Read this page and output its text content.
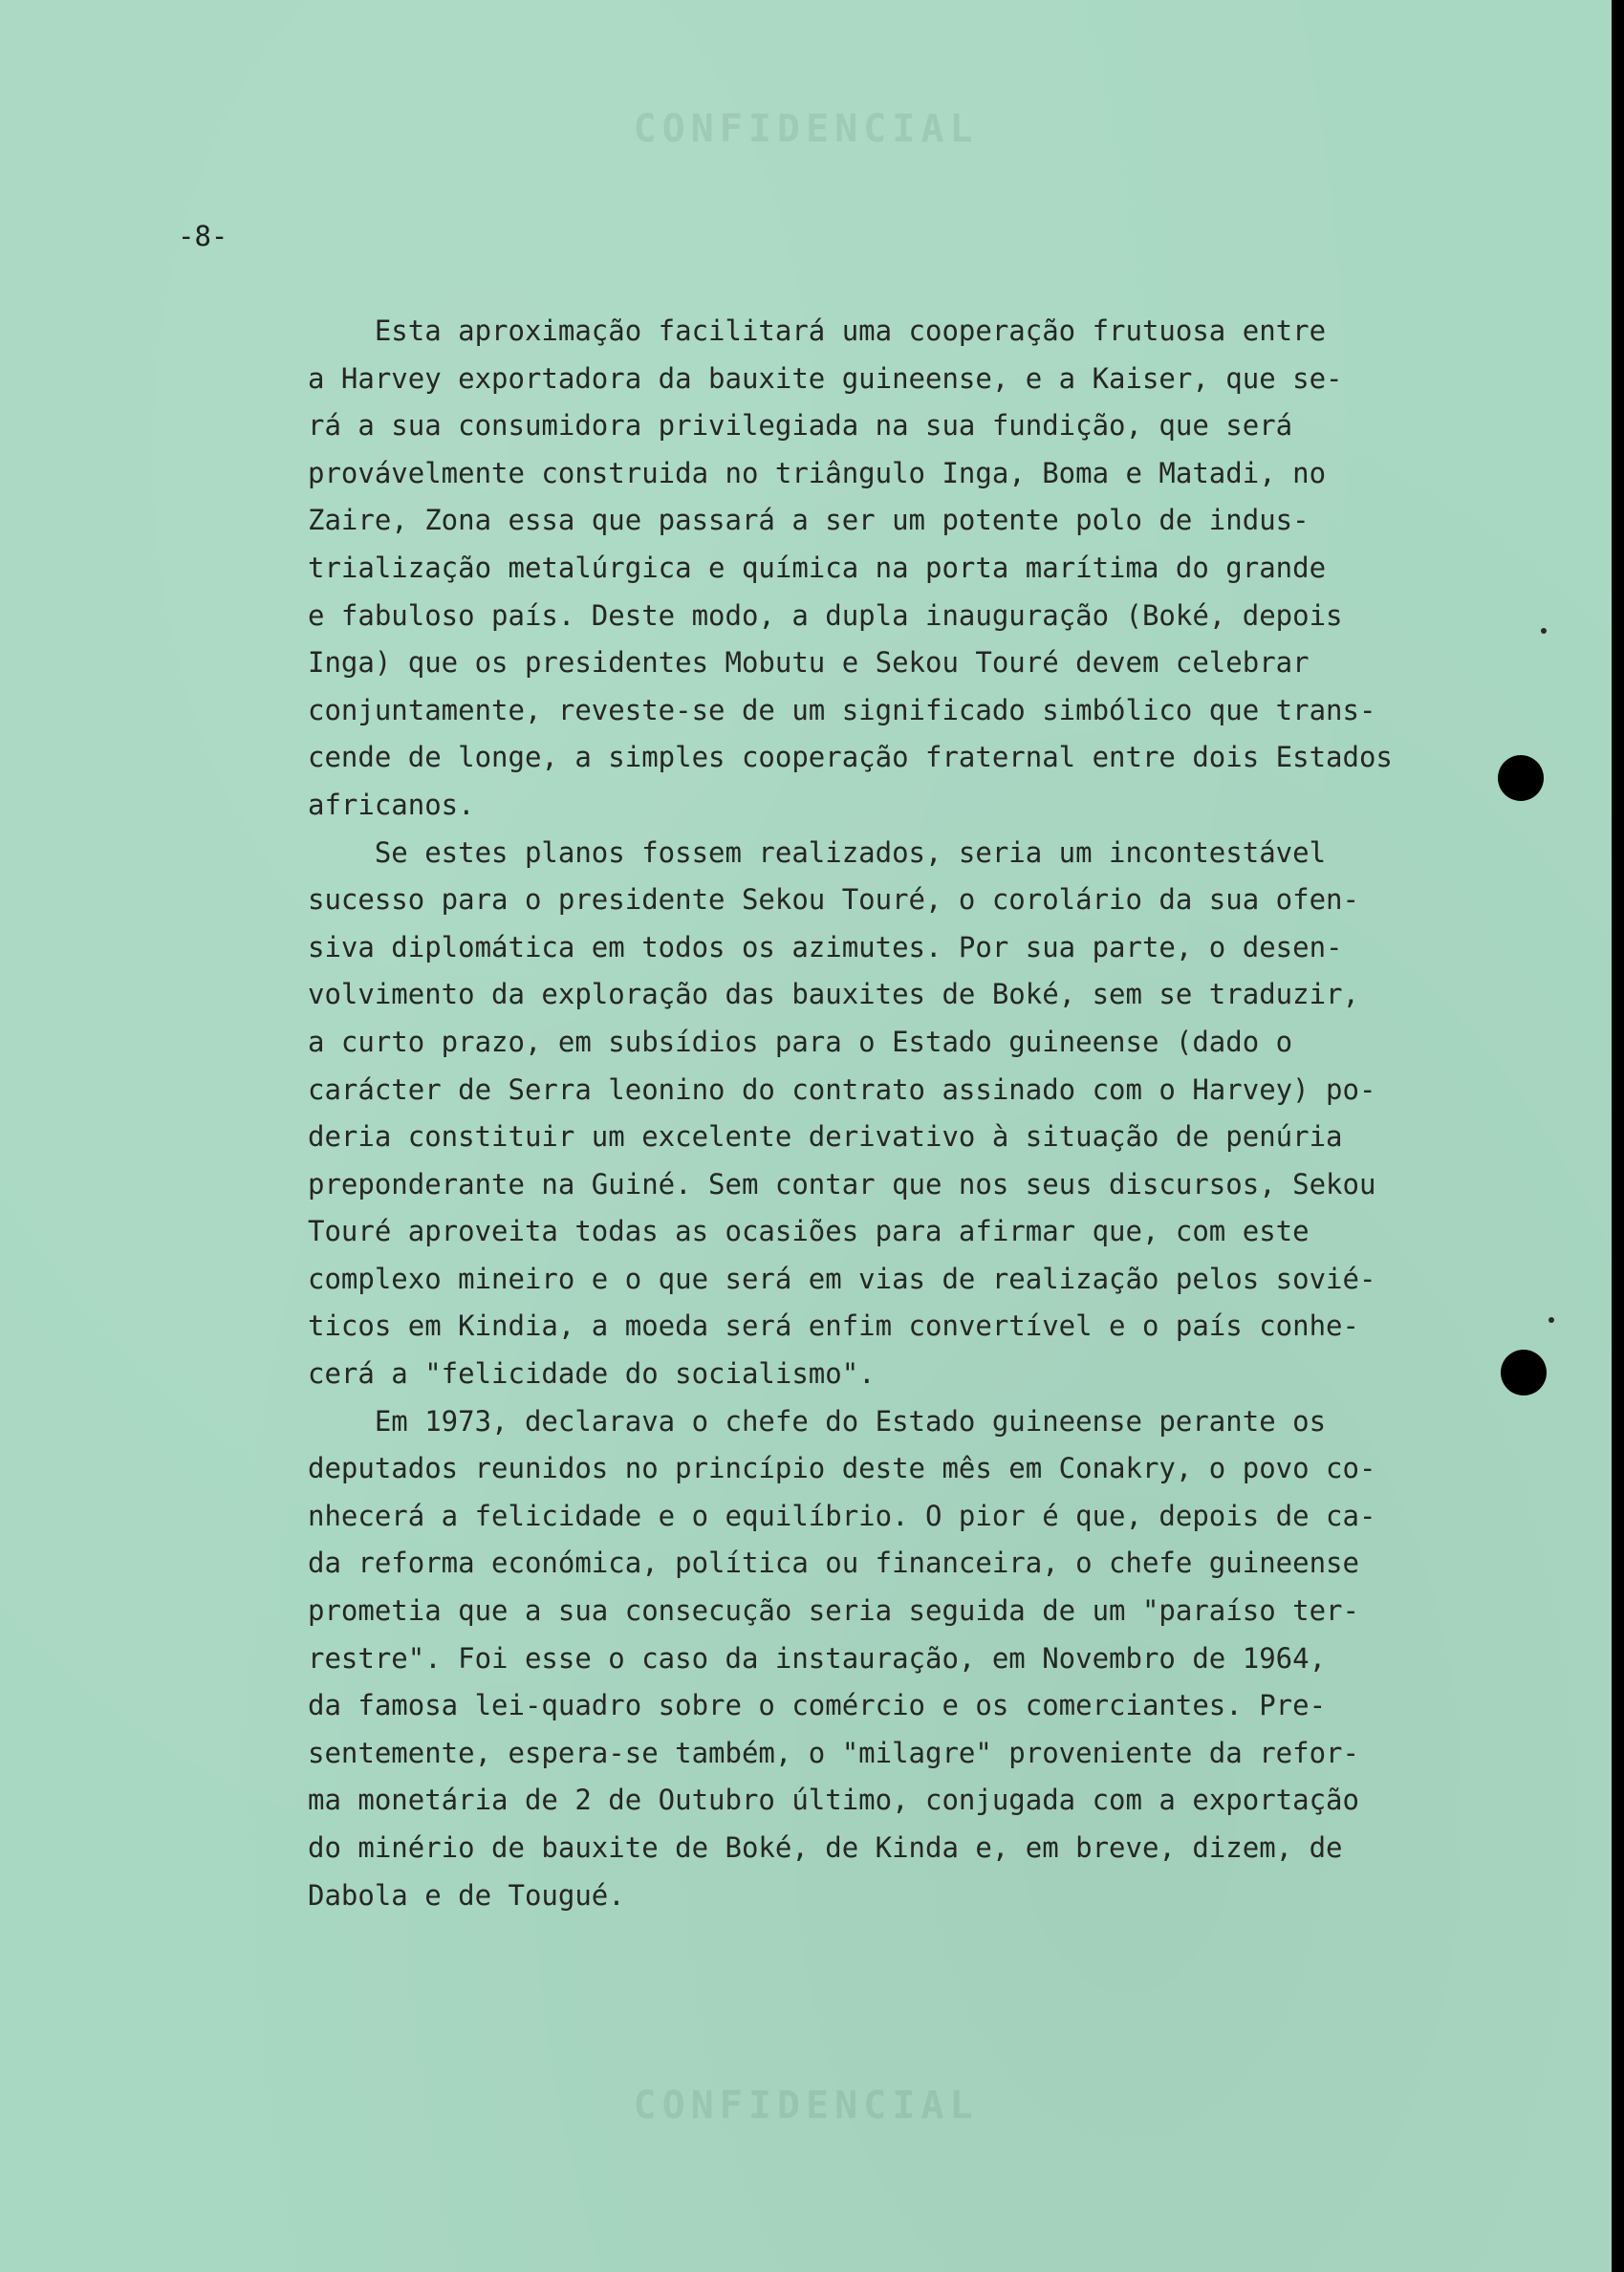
CONFIDENCIAL
-8-
Esta aproximação facilitará uma cooperação frutuosa entre
a Harvey exportadora da bauxite guineense, e a Kaiser, que se-
rá a sua consumidora privilegiada na sua fundição, que será
provávelmente construida no triângulo Inga, Boma e Matadi, no
Zaire, Zona essa que passará a ser um potente polo de indus-
trialização metalúrgica e química na porta marítima do grande
e fabuloso país. Deste modo, a dupla inauguração (Boké, depois
Inga) que os presidentes Mobutu e Sekou Touré devem celebrar
conjuntamente, reveste-se de um significado simbólico que trans-
cende de longe, a simples cooperação fraternal entre dois Estados
africanos.
Se estes planos fossem realizados, seria um incontestável
sucesso para o presidente Sekou Touré, o corolário da sua ofen-
siva diplomática em todos os azimutes. Por sua parte, o desen-
volvimento da exploração das bauxites de Boké, sem se traduzir,
a curto prazo, em subsídios para o Estado guineense (dado o
carácter de Serra leonino do contrato assinado com o Harvey) po-
deria constituir um excelente derivativo à situação de penúria
preponderante na Guiné. Sem contar que nos seus discursos, Sekou
Touré aproveita todas as ocasiões para afirmar que, com este
complexo mineiro e o que será em vias de realização pelos sovié-
ticos em Kindia, a moeda será enfim convertível e o país conhe-
cerá a "felicidade do socialismo".
Em 1973, declarava o chefe do Estado guineense perante os
deputados reunidos no princípio deste mês em Conakry, o povo co-
nhecerá a felicidade e o equilíbrio. O pior é que, depois de ca-
da reforma económica, política ou financeira, o chefe guineense
prometia que a sua consecução seria seguida de um "paraíso ter-
restre". Foi esse o caso da instauração, em Novembro de 1964,
da famosa lei-quadro sobre o comércio e os comerciantes. Pre-
sentemente, espera-se também, o "milagre" proveniente da refor-
ma monetária de 2 de Outubro último, conjugada com a exportação
do minério de bauxite de Boké, de Kinda e, em breve, dizem, de
Dabola e de Tougué.
CONFIDENCIAL
